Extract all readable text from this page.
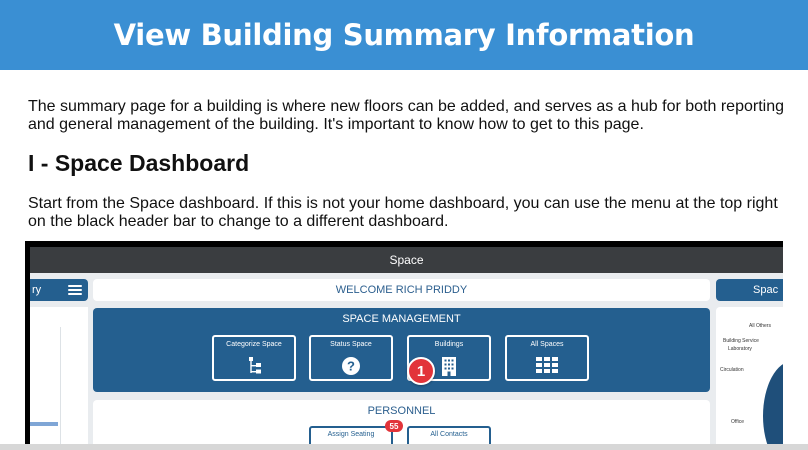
View Building Summary Information

The summary page for a building is where new floors can be added, and serves as a hub for both reporting and general management of the building. It's important to know how to get to this page.

I - Space Dashboard

Start from the Space dashboard. If this is not your home dashboard, you can use the menu at the top right on the black header bar to change to a different dashboard.

Space
ry	WELCOME RICH PRIDDY
SPACE MANAGEMENT
Categorize Space	Status Space
?
Buildings	All Spaces
1
PERSONNEL
Assign Seating	All Contacts
55
Spac
All Others
Building Service
Laboratory
Circulation
Office
